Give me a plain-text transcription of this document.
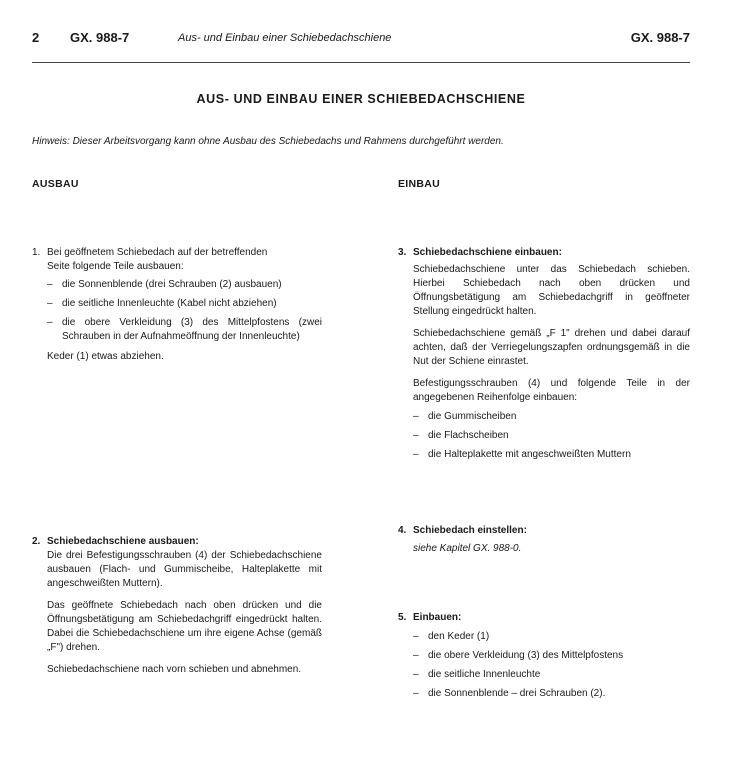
2 GX. 988-7	Aus- und Einbau einer Schiebedachschiene	GX. 988-7
AUS- UND EINBAU EINER SCHIEBEDACHSCHIENE
Hinweis: Dieser Arbeitsvorgang kann ohne Ausbau des Schiebedachs und Rahmens durchgeführt werden.
AUSBAU	EINBAU
1. Bei geöffnetem Schiebedach auf der betreffenden
Seite folgende Teile ausbauen:
– die Sonnenblende (drei Schrauben (2) ausbauen)
– die seitliche Innenleuchte (Kabel nicht abziehen)
– die obere Verkleidung (3) des Mittelpfostens (zwei Schrauben in der Aufnahmeöffnung der Innenleuchte)
Keder (1) etwas abziehen.
2. Schiebedachschiene ausbauen:
Die drei Befestigungsschrauben (4) der Schiebedachschiene ausbauen (Flach- und Gummischeibe, Halteplakette mit angeschweißten Muttern).
Das geöffnete Schiebedach nach oben drücken und die Öffnungsbetätigung am Schiebedachgriff eingedrückt halten. Dabei die Schiebedachschiene um ihre eigene Achse (gemäß „F") drehen.
Schiebedachschiene nach vorn schieben und abnehmen.
3. Schiebedachschiene einbauen:
Schiebedachschiene unter das Schiebedach schieben. Hierbei Schiebedach nach oben drücken und Öffnungsbetätigung am Schiebedachgriff in geöffneter Stellung eingedrückt halten.
Schiebedachschiene gemäß „F 1" drehen und dabei darauf achten, daß der Verriegelungszapfen ordnungsgemäß in die Nut der Schiene einrastet.
Befestigungsschrauben (4) und folgende Teile in der angegebenen Reihenfolge einbauen:
– die Gummischeiben
– die Flachscheiben
– die Halteplakette mit angeschweißten Muttern
4. Schiebedach einstellen:
siehe Kapitel GX. 988-0.
5. Einbauen:
– den Keder (1)
– die obere Verkleidung (3) des Mittelpfostens
– die seitliche Innenleuchte
– die Sonnenblende – drei Schrauben (2).
